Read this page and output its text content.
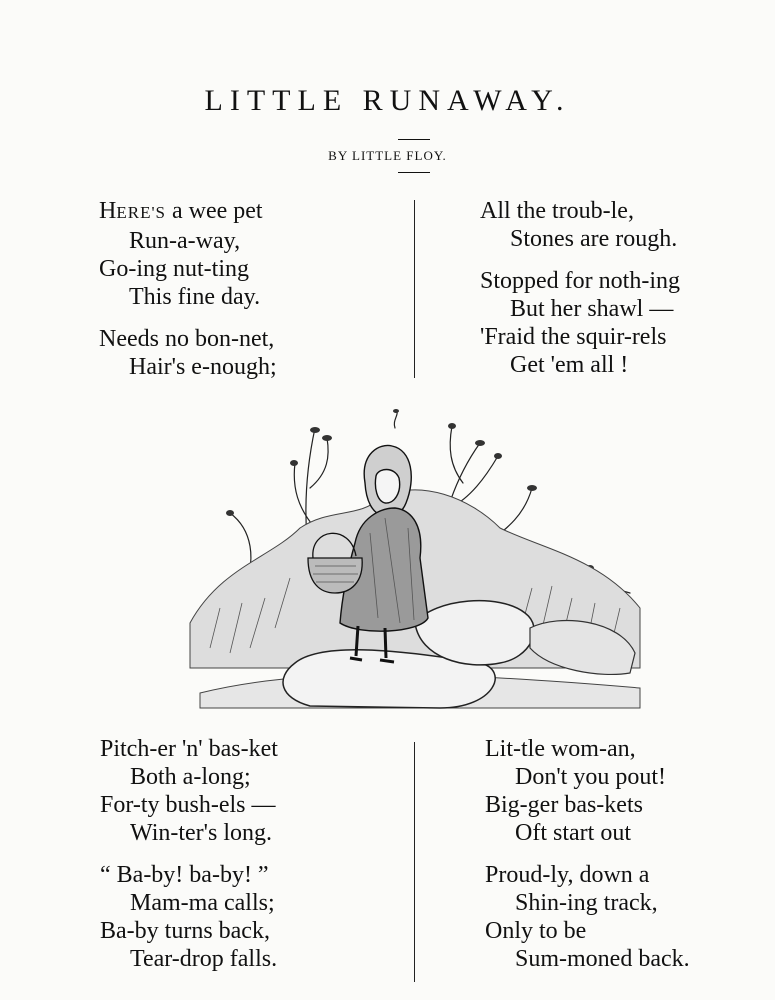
LITTLE RUNAWAY.
BY LITTLE FLOY.
HERE'S a wee pet
Run-a-way,
Go-ing nut-ting
This fine day.
Needs no bon-net,
Hair's e-nough;
All the troub-le,
Stones are rough.
Stopped for noth-ing
But her shawl —
'Fraid the squir-rels
Get 'em all !
Pitch-er 'n' bas-ket
Both a-long;
For-ty bush-els —
Win-ter's long.
“ Ba-by! ba-by! ”
Mam-ma calls;
Ba-by turns back,
Tear-drop falls.
Lit-tle wom-an,
Don't you pout!
Big-ger bas-kets
Oft start out
Proud-ly, down a
Shin-ing track,
Only to be
Sum-moned back.
